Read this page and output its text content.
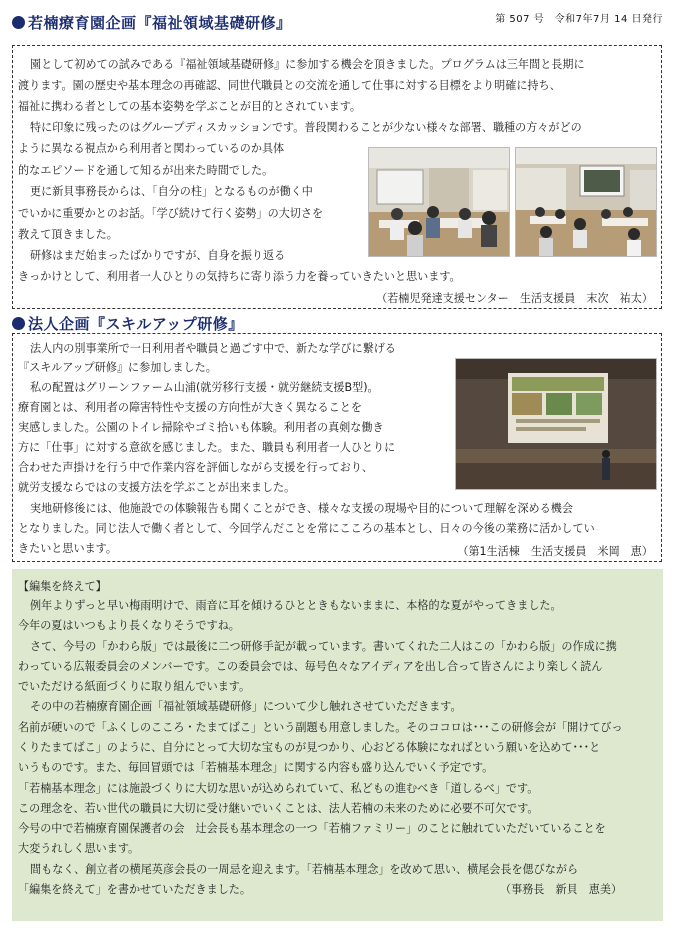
第 507 号　令和7年7月 14 日発行
若楠療育園企画『福祉領域基礎研修』
園として初めての試みである『福祉領域基礎研修』に参加する機会を頂きました。プログラムは三年間と長期に
渡ります。園の歴史や基本理念の再確認、同世代職員との交流を通して仕事に対する目標をより明確に持ち、
福祉に携わる者としての基本姿勢を学ぶことが目的とされています。
特に印象に残ったのはグループディスカッションです。普段関わることが少ない様々な部署、職種の方々がどの
ように異なる視点から利用者と関わっているのか具体
的なエピソードを通して知るが出来た時間でした。
更に新貝事務長からは、「自分の柱」となるものが働く中
でいかに重要かとのお話。「学び続けて行く姿勢」の大切さを
教えて頂きました。
研修はまだ始まったばかりですが、自身を振り返る
きっかけとして、利用者一人ひとりの気持ちに寄り添う力を養っていきたいと思います。
（若楠児発達支援センター　生活支援員　末次　祐太）
法人企画『スキルアップ研修』
法人内の別事業所で一日利用者や職員と過ごす中で、新たな学びに繋げる
『スキルアップ研修』に参加しました。
私の配置はグリーンファーム山浦(就労移行支援・就労継続支援B型)。
療育園とは、利用者の障害特性や支援の方向性が大きく異なることを
実感しました。公園のトイレ掃除やゴミ拾いも体験。利用者の真剣な働き
方に「仕事」に対する意欲を感じました。また、職員も利用者一人ひとりに
合わせた声掛けを行う中で作業内容を評価しながら支援を行っており、
就労支援ならではの支援方法を学ぶことが出来ました。
実地研修後には、他施設での体験報告も聞くことができ、様々な支援の現場や目的について理解を深める機会
となりました。同じ法人で働く者として、今回学んだことを常にこころの基本とし、日々の今後の業務に活かしてい
きたいと思います。	（第1生活棟　生活支援員　米岡　恵）
【編集を終えて】
例年よりずっと早い梅雨明けで、雨音に耳を傾けるひとときもないままに、本格的な夏がやってきました。
今年の夏はいつもより長くなりそうですね。
さて、今号の「かわら版」では最後に二つ研修手記が載っています。書いてくれた二人はこの「かわら版」の作成に携
わっている広報委員会のメンバーです。この委員会では、毎号色々なアイディアを出し合って皆さんにより楽しく読ん
でいただける紙面づくりに取り組んでいます。
その中の若楠療育園企画「福祉領域基礎研修」について少し触れさせていただきます。
名前が硬いので「ふくしのこころ・たまてばこ」という副題も用意しました。そのココロは･･･この研修会が「開けてびっ
くりたまてばこ」のように、自分にとって大切な宝ものが見つかり、心おどる体験になればという願いを込めて･･･と
いうものです。また、毎回冒頭では「若楠基本理念」に関する内容も盛り込んでいく予定です。
「若楠基本理念」には施設づくりに大切な思いが込められていて、私どもの進むべき「道しるべ」です。
この理念を、若い世代の職員に大切に受け継いでいくことは、法人若楠の未来のために必要不可欠です。
今号の中で若楠療育園保護者の会　辻会長も基本理念の一つ「若楠ファミリー」のことに触れていただいていることを
大変うれしく思います。
間もなく、創立者の横尾英彦会長の一周忌を迎えます。「若楠基本理念」を改めて思い、横尾会長を偲びながら
「編集を終えて」を書かせていただきました。	（事務長　新貝　恵美）
